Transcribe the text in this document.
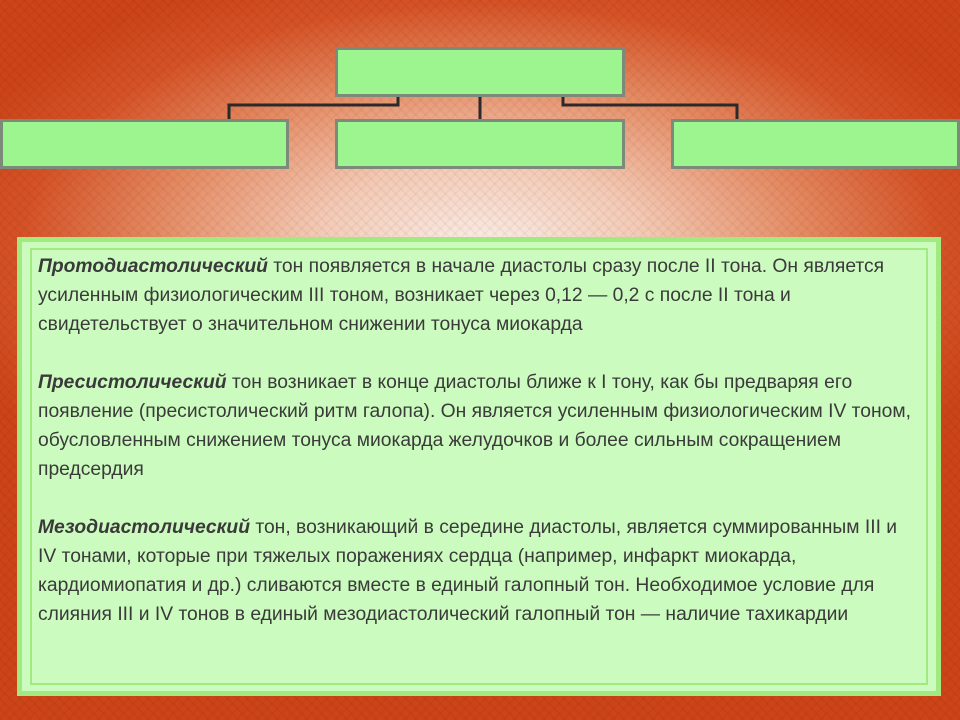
Протодиастолический тон появляется в начале диастолы сразу после II тона. Он является усиленным физиологическим III тоном, возникает через 0,12 — 0,2 с после II тона и свидетельствует о значительном снижении тонуса миокарда

Пресистолический тон возникает в конце диастолы ближе к I тону, как бы предваряя его появление (пресистолический ритм галопа). Он является усиленным физиологическим IV тоном, обусловленным снижением тонуса миокарда желудочков и более сильным сокращением предсердия

Мезодиастолический тон, возникающий в середине диастолы, является суммированным III и IV тонами, которые при тяжелых поражениях сердца (например, инфаркт миокарда, кардиомиопатия и др.) сливаются вместе в единый галопный тон. Необходимое условие для слияния III и IV тонов в единый мезодиастолический галопный тон — наличие тахикардии
